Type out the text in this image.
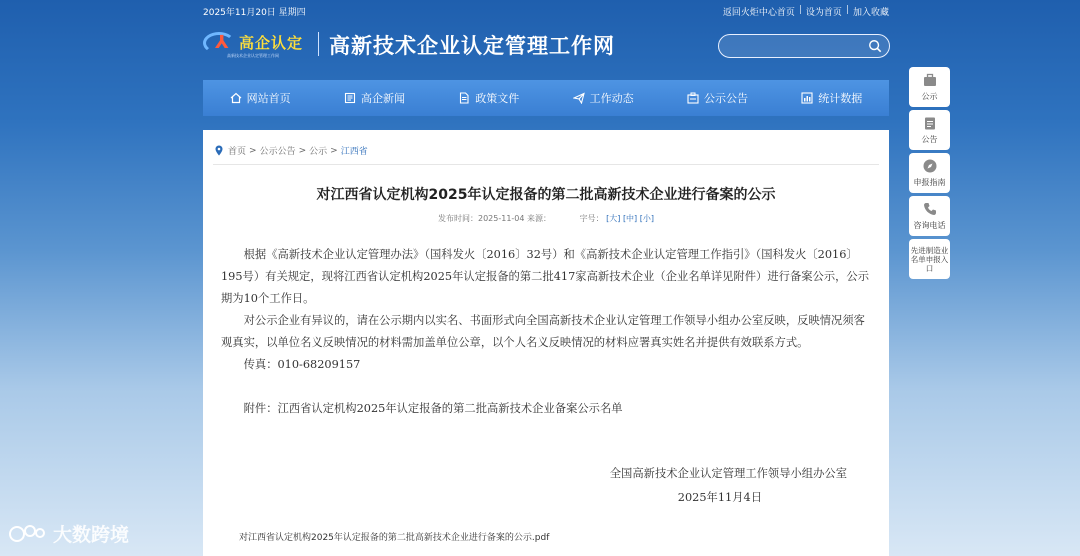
2025年11月20日 星期四	返回火炬中心首页 | 设为首页 | 加入收藏
⅄ 高企认定
高新技术企业认定管理工作网 高新技术企业认定管理工作网
网站首页	高企新闻	政策文件	工作动态	公示公告	统计数据
首页 > 公示公告 > 公示 > 江西省
对江西省认定机构2025年认定报备的第二批高新技术企业进行备案的公示
发布时间：2025-11-04 来源：	字号： [大] [中] [小]

根据《高新技术企业认定管理办法》（国科发火〔2016〕32号）和《高新技术企业认定管理工作指引》（国科发火〔2016〕195号）有关规定，现将江西省认定机构2025年认定报备的第二批417家高新技术企业（企业名单详见附件）进行备案公示，公示期为10个工作日。

对公示企业有异议的，请在公示期内以实名、书面形式向全国高新技术企业认定管理工作领导小组办公室反映，反映情况须客观真实，以单位名义反映情况的材料需加盖单位公章，以个人名义反映情况的材料应署真实姓名并提供有效联系方式。

传真：010-68209157

附件：江西省认定机构2025年认定报备的第二批高新技术企业备案公示名单

全国高新技术企业认定管理工作领导小组办公室
2025年11月4日
对江西省认定机构2025年认定报备的第二批高新技术企业进行备案的公示.pdf
公示
公告
申报指南
咨询电话
先进制造业名单申报入口
大数跨境
